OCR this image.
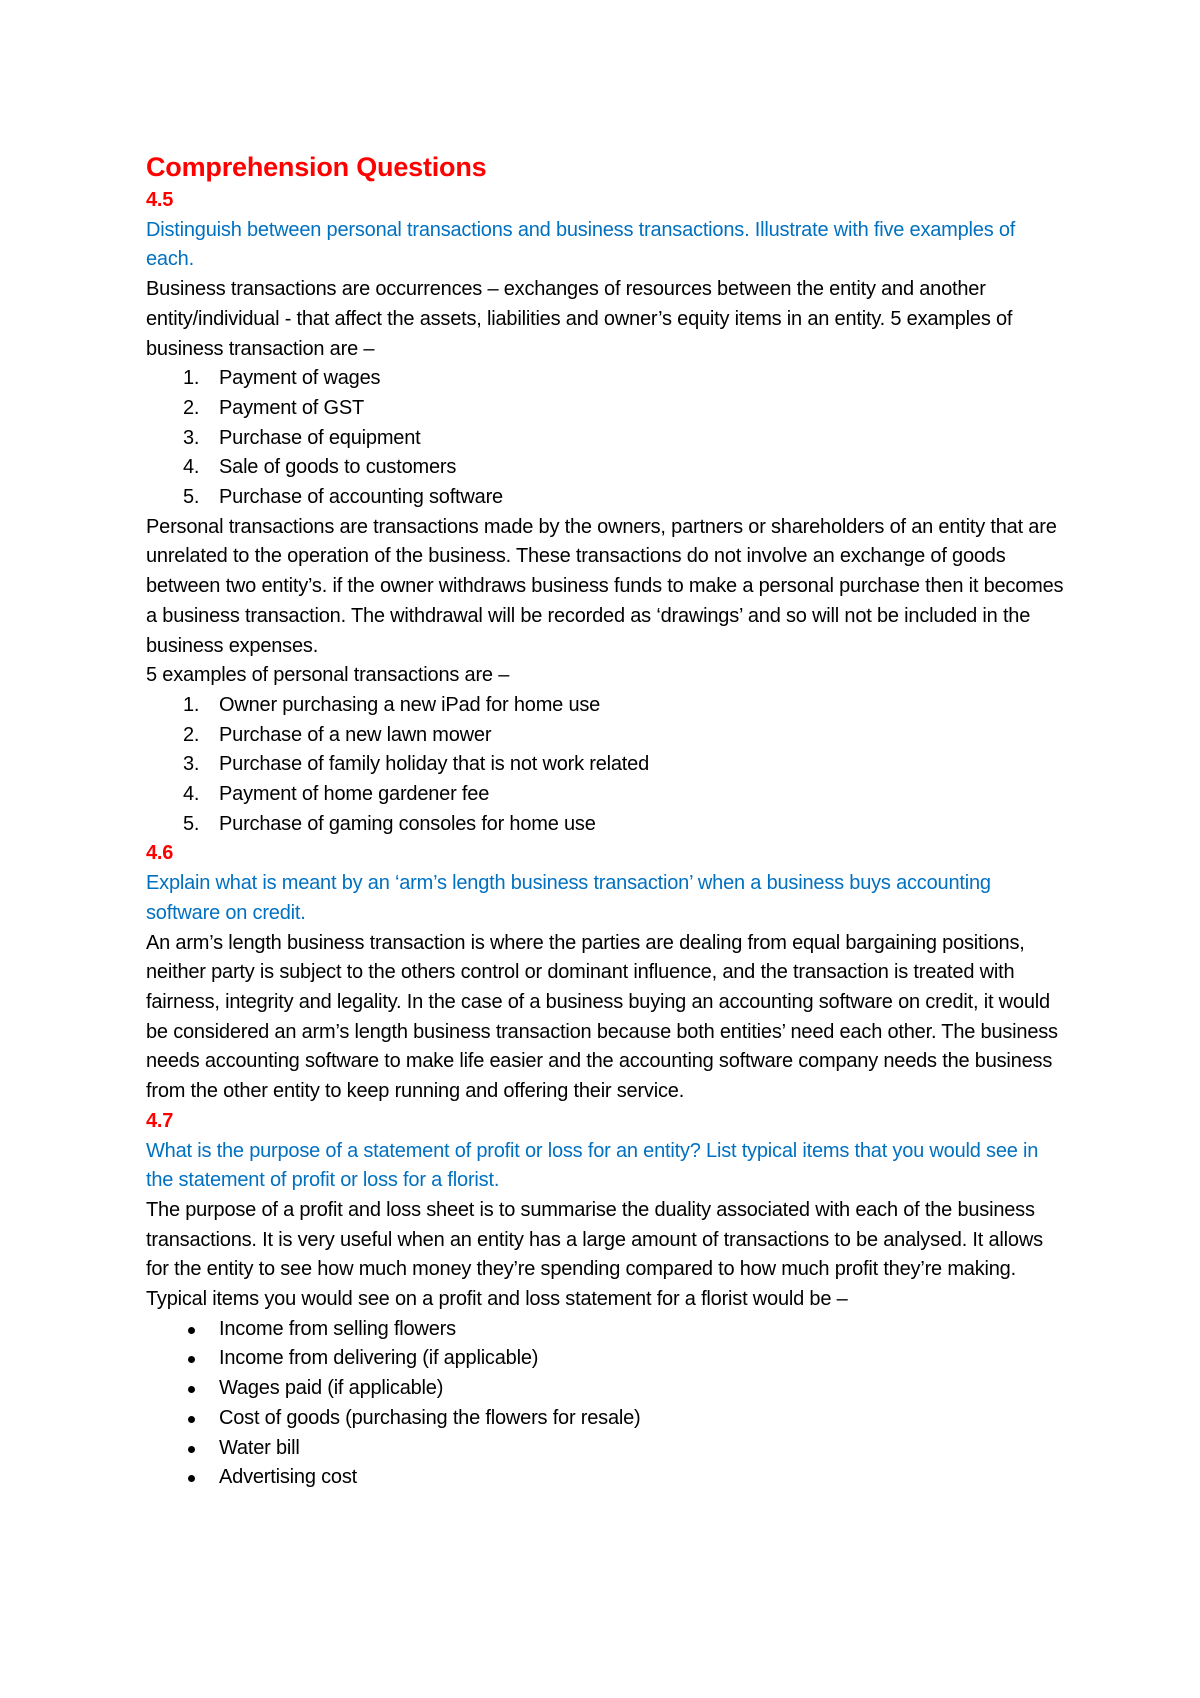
Comprehension Questions

4.5

Distinguish between personal transactions and business transactions. Illustrate with five examples of each.

Business transactions are occurrences – exchanges of resources between the entity and another entity/individual - that affect the assets, liabilities and owner’s equity items in an entity. 5 examples of business transaction are –

1. Payment of wages
2. Payment of GST
3. Purchase of equipment
4. Sale of goods to customers
5. Purchase of accounting software

Personal transactions are transactions made by the owners, partners or shareholders of an entity that are unrelated to the operation of the business. These transactions do not involve an exchange of goods between two entity’s. if the owner withdraws business funds to make a personal purchase then it becomes a business transaction. The withdrawal will be recorded as ‘drawings’ and so will not be included in the business expenses.

5 examples of personal transactions are –

1. Owner purchasing a new iPad for home use
2. Purchase of a new lawn mower
3. Purchase of family holiday that is not work related
4. Payment of home gardener fee
5. Purchase of gaming consoles for home use

4.6

Explain what is meant by an ‘arm’s length business transaction’ when a business buys accounting software on credit.

An arm’s length business transaction is where the parties are dealing from equal bargaining positions, neither party is subject to the others control or dominant influence, and the transaction is treated with fairness, integrity and legality. In the case of a business buying an accounting software on credit, it would be considered an arm’s length business transaction because both entities’ need each other. The business needs accounting software to make life easier and the accounting software company needs the business from the other entity to keep running and offering their service.

4.7

What is the purpose of a statement of profit or loss for an entity? List typical items that you would see in the statement of profit or loss for a florist.

The purpose of a profit and loss sheet is to summarise the duality associated with each of the business transactions. It is very useful when an entity has a large amount of transactions to be analysed. It allows for the entity to see how much money they’re spending compared to how much profit they’re making. Typical items you would see on a profit and loss statement for a florist would be –

Income from selling flowers
Income from delivering (if applicable)
Wages paid (if applicable)
Cost of goods (purchasing the flowers for resale)
Water bill
Advertising cost
